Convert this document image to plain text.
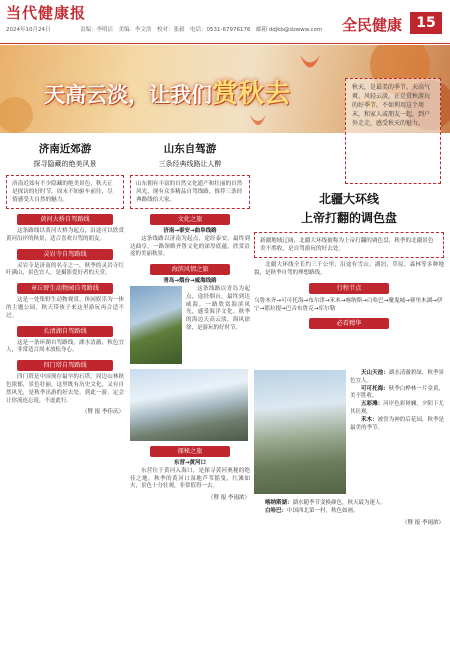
当代健康报
2024年10月24日	责编：李明洁　美编：李文浩　校对：张毅　电话：0531-67976176　邮箱 ddjkb@dzwww.com 全民健康	15
天高云淡，让我们赏秋去	秋天，是最美的季节。天高气爽、风轻云淡，正是赏秋游玩的好季节。不如利用这个周末，和家人或朋友一起，到户外走走，感受秋天的魅力。
济南近郊游
探寻隐藏的绝美风景
济南近郊有不少隐藏的绝美景色，秋天正是探访的好时节。周末不妨驱车前往，尽情感受大自然的魅力。
黄河大桥自驾路线
这条路线以黄河大桥为起点，沿途可以欣赏黄河沿岸的秋景，适合喜欢自驾的朋友。
灵岩寺自驾路线
灵岩寺是济南的名寺之一，秋季的灵岩寺红叶满山，景色宜人，是摄影爱好者的天堂。
章丘野生动物园自驾路线
这是一处集野生动物观赏、休闲娱乐为一体的主题公园，秋天带孩子来这里游玩再合适不过。
长清湖自驾路线
这是一条环湖自驾路线，湖水清澈，秋色宜人，非常适合周末放松身心。
四门塔自驾路线
四门塔是中国现存最早的石塔，周边山林秋色浓郁，景色壮丽。这里既有历史文化，又有自然风光，是秋季出游的好去处。到此一游，定会让你流连忘返，不虚此行。
（暨 报 李佳庆）
山东自驾游
三条经典线路让人醉
山东拥有丰富的自然文化遗产和壮丽的自然风光，现有众多精品自驾线路，推荐三条经典路线给大家。
文化之旅
济南→泰安→曲阜线路
这条线路以济南为起点，途经泰安，最终到达曲阜，一路领略齐鲁文化的深厚底蕴，欣赏沿途的美丽秋景。
海滨风情之旅
青岛→烟台→威海线路
这条线路以青岛为起点，途经烟台，最终到达威海，一路欣赏海滨风光，感受海洋文化。秋季的海边天高云淡，海风徐徐，是游玩的好时节。
探秘之旅
东营→黄河口
东营位于黄河入海口，是探寻黄河奥秘的绝佳之地。秋季的黄河口湿地芦苇摇曳，红滩如火，景色十分壮观，非常值得一去。
（暨 报 李雨浓）
北疆大环线
上帝打翻的调色盘
新疆地域辽阔，北疆大环线被称为上帝打翻的调色盘，秋季的北疆景色美不胜收，是自驾游玩的好去处。
北疆大环线全长约三千公里，沿途有雪山、湖泊、草原、森林等多种地貌，是秋季自驾的理想路线。
行程节点
乌鲁木齐→可可托海→布尔津→禾木→喀纳斯→白哈巴→魔鬼城→赛里木湖→伊宁→那拉提→巴音布鲁克→库尔勒
必看精华
天山天池：湖水清澈碧绿，秋季景色宜人。
可可托海：秋季白桦林一片金黄，美不胜收。
五彩滩：河岸色彩斑斓，夕阳下尤其壮观。
禾木：被誉为神的后花园，秋季是最美的季节。
喀纳斯湖：湖水随季节变换颜色，秋天最为迷人。
白哈巴：中国西北第一村，秋色如画。
（暨 报 李雨浓）
